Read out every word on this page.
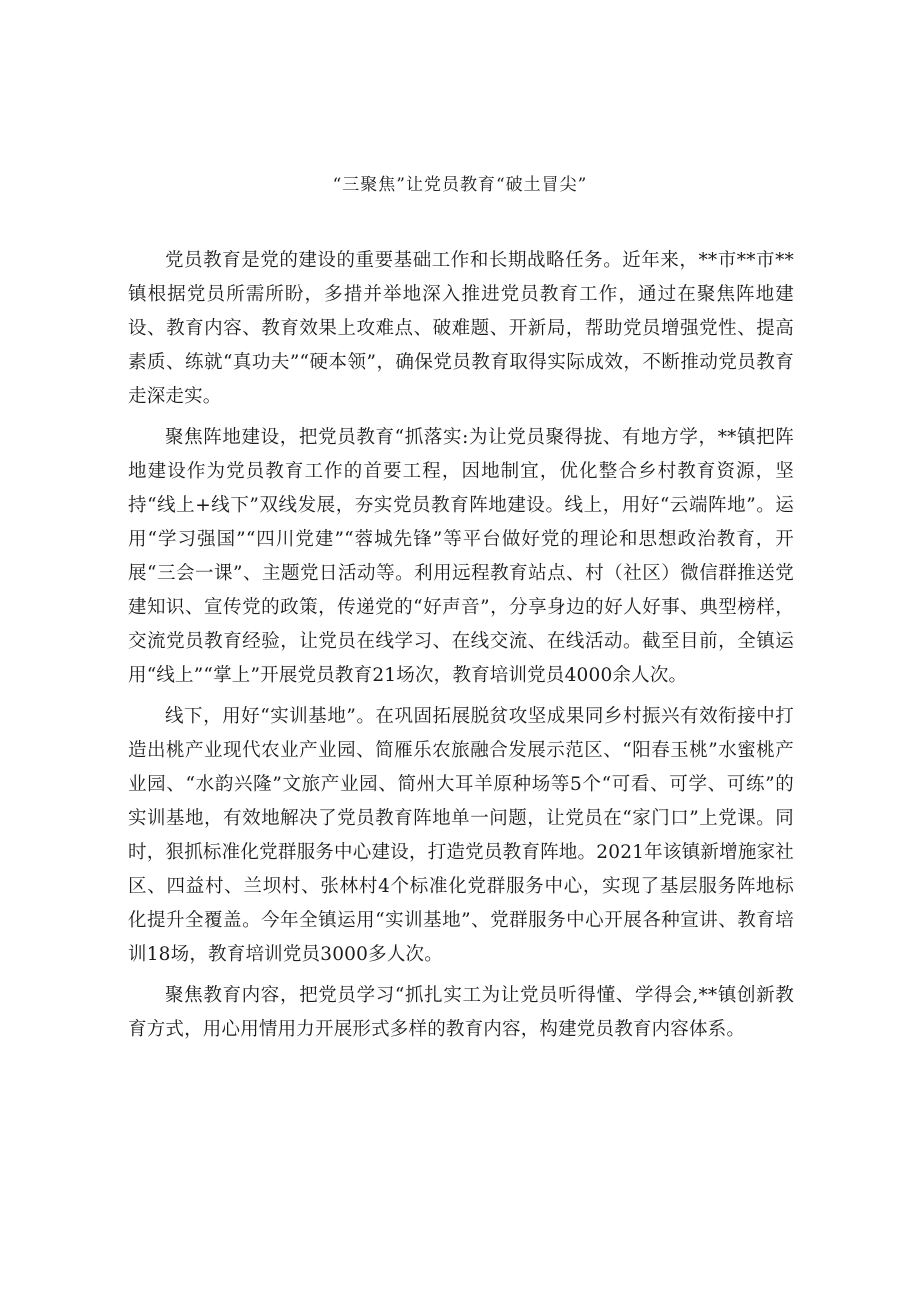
“三聚焦”让党员教育“破土冒尖”

党员教育是党的建设的重要基础工作和长期战略任务。近年来，**市**市**镇根据党员所需所盼，多措并举地深入推进党员教育工作，通过在聚焦阵地建设、教育内容、教育效果上攻难点、破难题、开新局，帮助党员增强党性、提高素质、练就“真功夫”“硬本领”，确保党员教育取得实际成效，不断推动党员教育走深走实。

聚焦阵地建设，把党员教育“抓落实:为让党员聚得拢、有地方学，**镇把阵地建设作为党员教育工作的首要工程，因地制宜，优化整合乡村教育资源，坚持“线上+线下”双线发展，夯实党员教育阵地建设。线上，用好“云端阵地”。运用“学习强国”“四川党建”“蓉城先锋”等平台做好党的理论和思想政治教育，开展“三会一课”、主题党日活动等。利用远程教育站点、村（社区）微信群推送党建知识、宣传党的政策，传递党的“好声音”，分享身边的好人好事、典型榜样，交流党员教育经验，让党员在线学习、在线交流、在线活动。截至目前，全镇运用“线上”“掌上”开展党员教育21场次，教育培训党员4000余人次。

线下，用好“实训基地”。在巩固拓展脱贫攻坚成果同乡村振兴有效衔接中打造出桃产业现代农业产业园、简雁乐农旅融合发展示范区、“阳春玉桃”水蜜桃产业园、“水韵兴隆”文旅产业园、简州大耳羊原种场等5个“可看、可学、可练”的实训基地，有效地解决了党员教育阵地单一问题，让党员在“家门口”上党课。同时，狠抓标准化党群服务中心建设，打造党员教育阵地。2021年该镇新增施家社区、四益村、兰坝村、张林村4个标准化党群服务中心，实现了基层服务阵地标化提升全覆盖。今年全镇运用“实训基地”、党群服务中心开展各种宣讲、教育培训18场，教育培训党员3000多人次。

聚焦教育内容，把党员学习“抓扎实工为让党员听得懂、学得会,**镇创新教育方式，用心用情用力开展形式多样的教育内容，构建党员教育内容体系。
